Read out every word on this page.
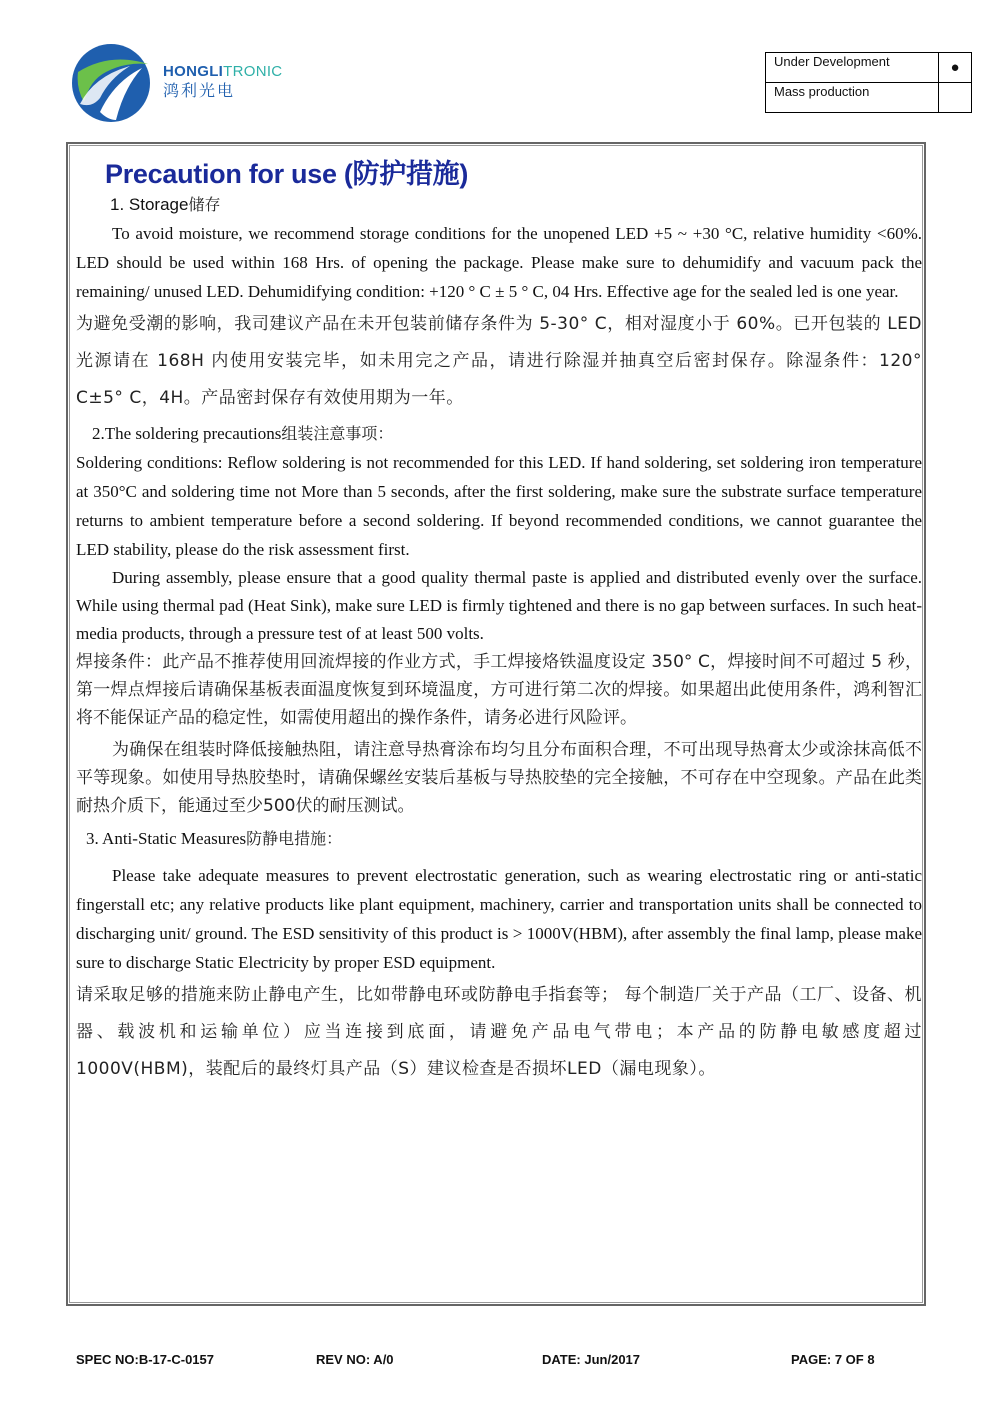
HONGLITRONIC
鸿利光电
Under Development	●
Mass production	
Precaution for use (防护措施)

1. Storage储存

To avoid moisture, we recommend storage conditions for the unopened LED +5 ~ +30 °C, relative humidity <60%. LED should be used within 168 Hrs. of opening the package. Please make sure to dehumidify and vacuum pack the remaining/ unused LED. Dehumidifying condition: +120 ° C ± 5 ° C, 04 Hrs. Effective age for the sealed led is one year.

为避免受潮的影响，我司建议产品在未开包装前储存条件为 5-30° C，相对湿度小于 60%。已开包装的 LED 光源请在 168H 内使用安装完毕，如未用完之产品，请进行除湿并抽真空后密封保存。除湿条件：120° C±5° C，4H。产品密封保存有效使用期为一年。

2.The soldering precautions组装注意事项：

Soldering conditions: Reflow soldering is not recommended for this LED. If hand soldering, set soldering iron temperature at 350°C and soldering time not More than 5 seconds, after the first soldering, make sure the substrate surface temperature returns to ambient temperature before a second soldering. If beyond recommended conditions, we cannot guarantee the LED stability, please do the risk assessment first.

During assembly, please ensure that a good quality thermal paste is applied and distributed evenly over the surface. While using thermal pad (Heat Sink), make sure LED is firmly tightened and there is no gap between surfaces. In such heat-media products, through a pressure test of at least 500 volts.

焊接条件：此产品不推荐使用回流焊接的作业方式，手工焊接烙铁温度设定 350° C，焊接时间不可超过 5 秒，第一焊点焊接后请确保基板表面温度恢复到环境温度，方可进行第二次的焊接。如果超出此使用条件，鸿利智汇将不能保证产品的稳定性，如需使用超出的操作条件，请务必进行风险评。

为确保在组装时降低接触热阻，请注意导热膏涂布均匀且分布面积合理，不可出现导热膏太少或涂抹高低不平等现象。如使用导热胶垫时，请确保螺丝安装后基板与导热胶垫的完全接触，不可存在中空现象。产品在此类耐热介质下，能通过至少500伏的耐压测试。

3. Anti-Static Measures防静电措施：

Please take adequate measures to prevent electrostatic generation, such as wearing electrostatic ring or anti-static fingerstall etc; any relative products like plant equipment, machinery, carrier and transportation units shall be connected to discharging unit/ ground. The ESD sensitivity of this product is > 1000V(HBM), after assembly the final lamp, please make sure to discharge Static Electricity by proper ESD equipment.

请采取足够的措施来防止静电产生，比如带静电环或防静电手指套等； 每个制造厂关于产品（工厂、设备、机器、载波机和运输单位）应当连接到底面，请避免产品电气带电；本产品的防静电敏感度超过1000V(HBM)，装配后的最终灯具产品（S）建议检查是否损坏LED（漏电现象）。

SPEC NO:B-17-C-0157	REV NO: A/0	DATE: Jun/2017	PAGE: 7 OF 8
